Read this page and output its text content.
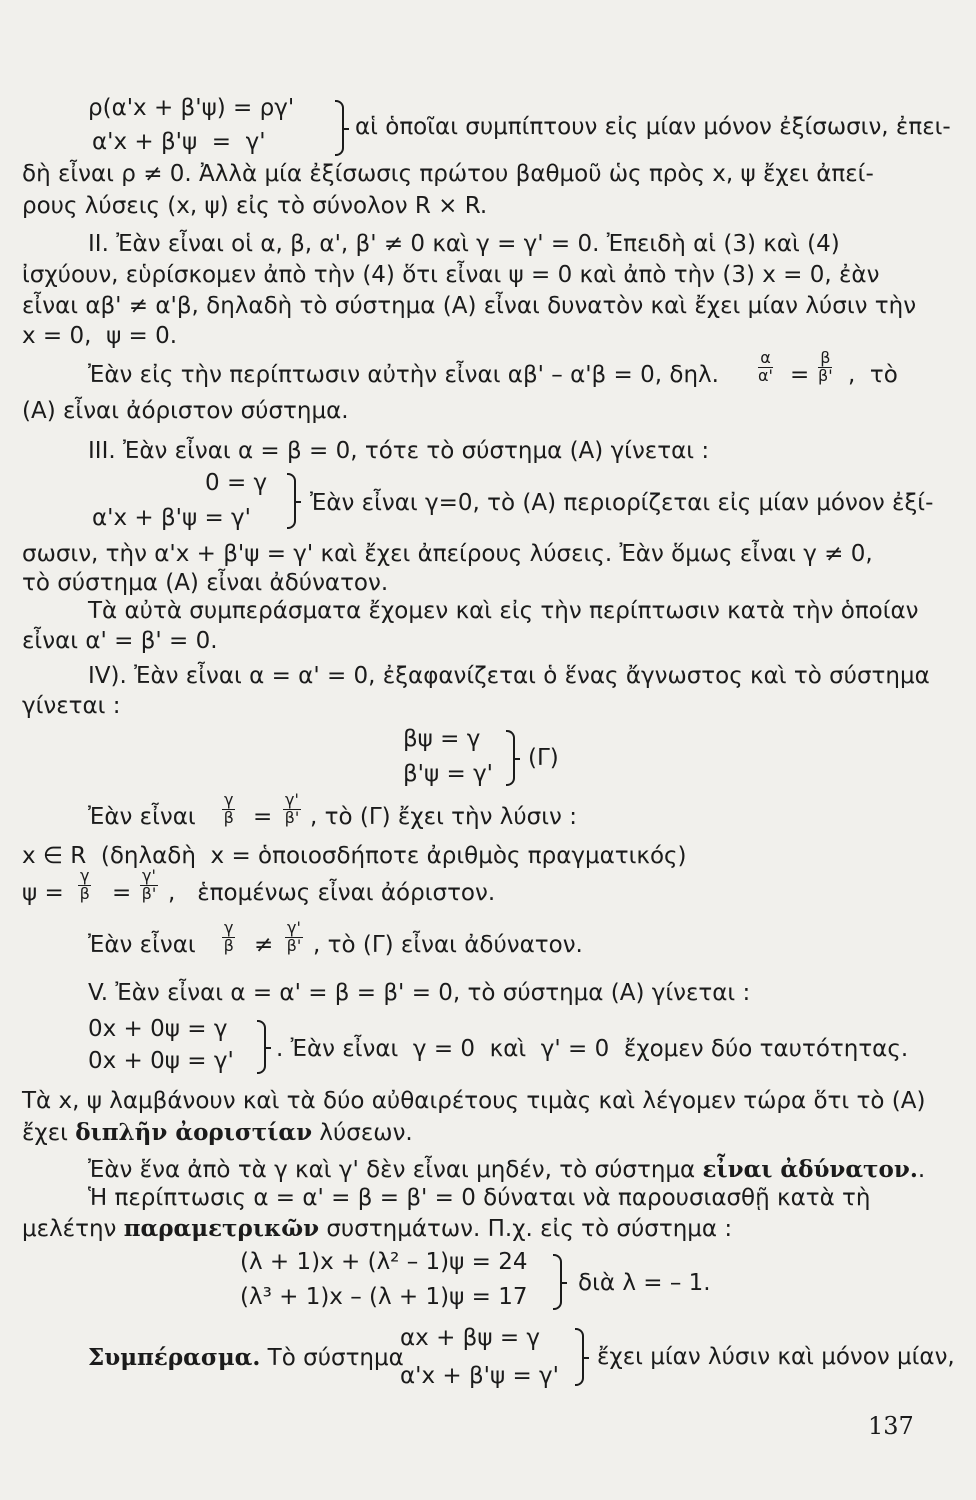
ρ(α'x + β'ψ) = ργ'
α'x + β'ψ  =  γ'
αἱ ὁποῖαι συμπίπτουν εἰς μίαν μόνον ἐξίσωσιν, ἐπει-
δὴ εἶναι ρ ≠ 0. Ἀλλὰ μία ἐξίσωσις πρώτου βαθμοῦ ὡς πρὸς x, ψ ἔχει ἀπεί-
ρους λύσεις (x, ψ) εἰς τὸ σύνολον R × R.
II. Ἐὰν εἶναι οἱ α, β, α', β' ≠ 0 καὶ γ = γ' = 0. Ἐπειδὴ αἱ (3) καὶ (4)
ἰσχύουν, εὑρίσκομεν ἀπὸ τὴν (4) ὅτι εἶναι ψ = 0 καὶ ἀπὸ τὴν (3) x = 0, ἐὰν
εἶναι αβ' ≠ α'β, δηλαδὴ τὸ σύστημα (Α) εἶναι δυνατὸν καὶ ἔχει μίαν λύσιν τὴν
x = 0,  ψ = 0.
Ἐὰν εἰς τὴν περίπτωσιν αὐτὴν εἶναι αβ' – α'β = 0, δηλ. $\frac{\alpha}{\alpha'} = \frac{\beta}{\beta'}$ ,  τὸ
(Α) εἶναι ἀόριστον σύστημα.
III. Ἐὰν εἶναι α = β = 0, τότε τὸ σύστημα (Α) γίνεται :
0 = γ
α'x + β'ψ = γ'
Ἐὰν εἶναι γ=0, τὸ (Α) περιορίζεται εἰς μίαν μόνον ἐξί-
σωσιν, τὴν α'x + β'ψ = γ' καὶ ἔχει ἀπείρους λύσεις. Ἐὰν ὅμως εἶναι γ ≠ 0,
τὸ σύστημα (Α) εἶναι ἀδύνατον.
Τὰ αὐτὰ συμπεράσματα ἔχομεν καὶ εἰς τὴν περίπτωσιν κατὰ τὴν ὁποίαν
εἶναι α' = β' = 0.
IV). Ἐὰν εἶναι α = α' = 0, ἐξαφανίζεται ὁ ἕνας ἄγνωστος καὶ τὸ σύστημα
γίνεται :
βψ = γ
β'ψ = γ'
(Γ)
Ἐὰν εἶναι $\frac{\gamma}{\beta} = \frac{\gamma'}{\beta'}$ , τὸ (Γ) ἔχει τὴν λύσιν :
x ∈ R  (δηλαδὴ  x = ὁποιοσδήποτε ἀριθμὸς πραγματικός)
$\psi = \frac{\gamma}{\beta} = \frac{\gamma'}{\beta'}$ ,   ἑπομένως εἶναι ἀόριστον.
Ἐὰν εἶναι $\frac{\gamma}{\beta} \ne \frac{\gamma'}{\beta'}$ , τὸ (Γ) εἶναι ἀδύνατον.
V. Ἐὰν εἶναι α = α' = β = β' = 0, τὸ σύστημα (Α) γίνεται :
0x + 0ψ = γ
0x + 0ψ = γ' . Ἐὰν εἶναι  γ = 0  καὶ  γ' = 0  ἔχομεν δύο ταυτότητας.
Τὰ x, ψ λαμβάνουν καὶ τὰ δύο αὐθαιρέτους τιμὰς καὶ λέγομεν τώρα ὅτι τὸ (Α)
ἔχει διπλῆν ἀοριστίαν λύσεων.
Ἐὰν ἕνα ἀπὸ τὰ γ καὶ γ' δὲν εἶναι μηδέν, τὸ σύστημα εἶναι ἀδύνατον..
Ἡ περίπτωσις α = α' = β = β' = 0 δύναται νὰ παρουσιασθῇ κατὰ τὴ
μελέτην παραμετρικῶν συστημάτων. Π.χ. εἰς τὸ σύστημα :
(λ + 1)x + (λ² – 1)ψ = 24
(λ³ + 1)x – (λ + 1)ψ = 17
διὰ λ = – 1.
αx + βψ = γ
Συμπέρασμα. Τὸ σύστημα
α'x + β'ψ = γ'
ἔχει μίαν λύσιν καὶ μόνον μίαν,
137
